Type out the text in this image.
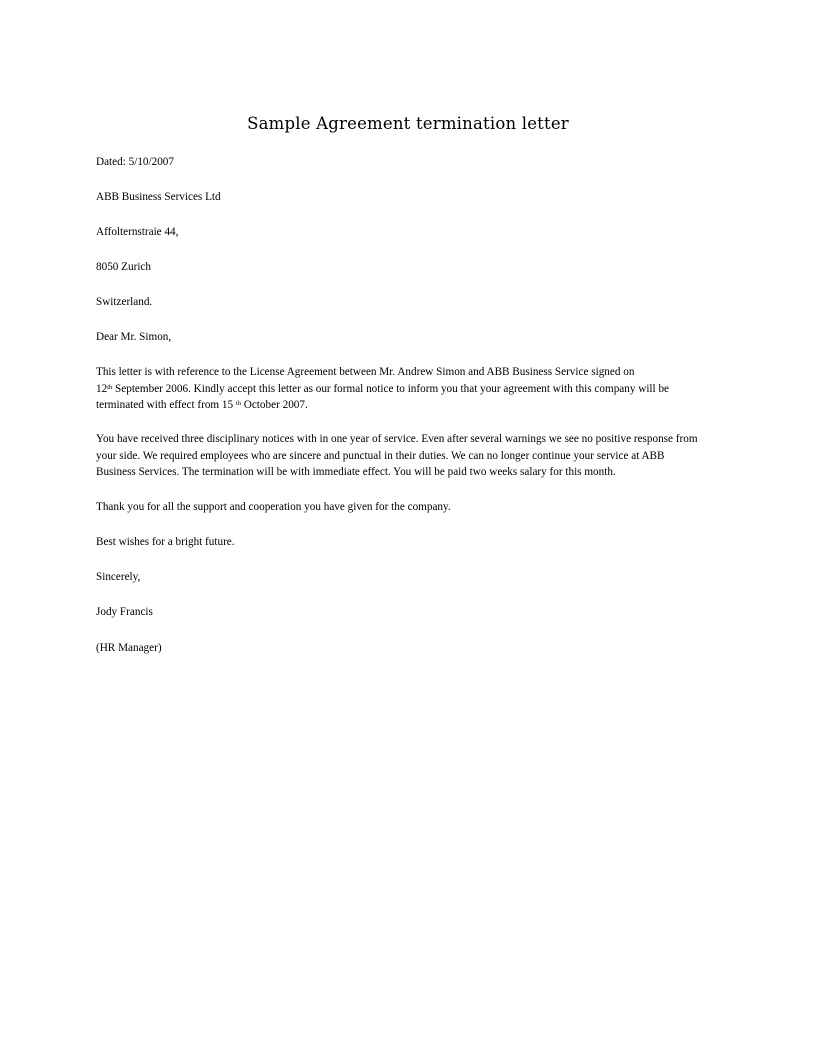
Sample Agreement termination letter
Dated: 5/10/2007
ABB Business Services Ltd
Affolternstraie 44,
8050 Zurich
Switzerland.
Dear Mr. Simon,
This letter is with reference to the License Agreement between Mr. Andrew Simon and ABB Business Service signed on
12th September 2006. Kindly accept this letter as our formal notice to inform you that your agreement with this company will be
terminated with effect from 15 $^{th}$ October 2007.
You have received three disciplinary notices with in one year of service. Even after several warnings we see no positive response from
your side. We required employees who are sincere and punctual in their duties. We can no longer continue your service at ABB
Business Services. The termination will be with immediate effect. You will be paid two weeks salary for this month.
Thank you for all the support and cooperation you have given for the company.
Best wishes for a bright future.
Sincerely,
Jody Francis
(HR Manager)
